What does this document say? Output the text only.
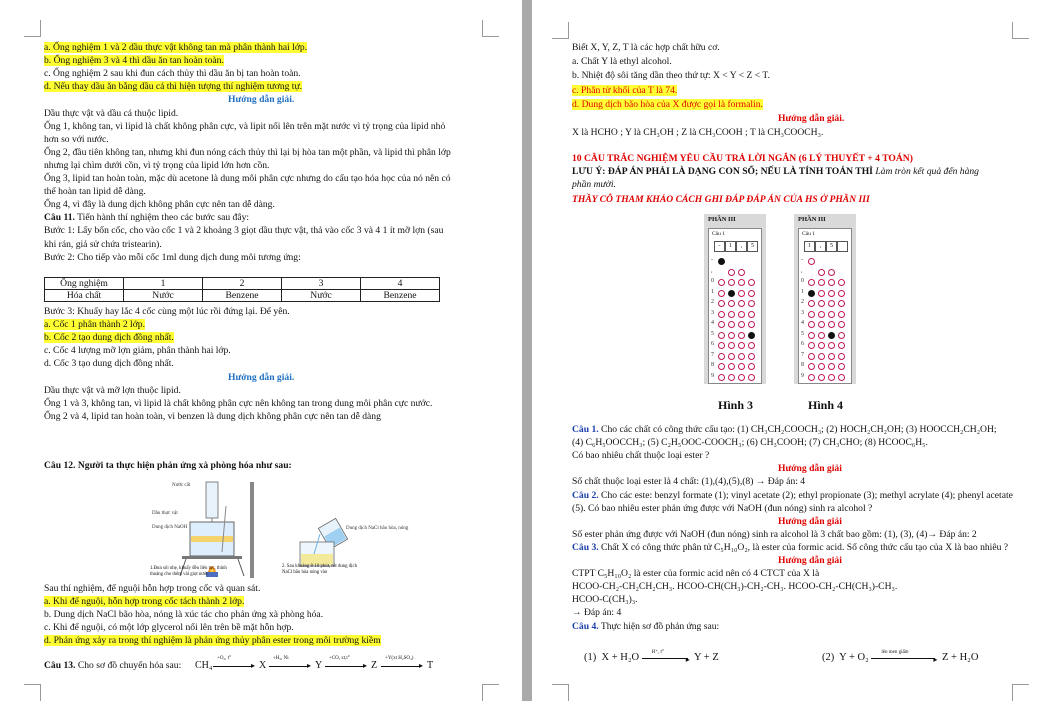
a. Ống nghiệm 1 và 2 dầu thực vật không tan mà phân thành hai lớp.
b. Ống nghiệm 3 và 4 thì dầu ăn tan hoàn toàn.
c. Ống nghiệm 2 sau khi đun cách thủy thì dầu ăn bị tan hoàn toàn.
d. Nếu thay dầu ăn bằng dầu cá thì hiện tượng thí nghiệm tương tự.
Hướng dẫn giải.
Dầu thực vật và dầu cá thuộc lipid.
Ống 1, không tan, vì lipid là chất không phân cực, và lipit nổi lên trên mặt nước vì tỷ trọng của lipid nhỏ
hơn so với nước.
Ống 2, đầu tiên không tan, nhưng khi đun nóng cách thủy thì lại bị hòa tan một phần, và lipid thì phân lớp
nhưng lại chìm dưới cồn, vì tỷ trọng của lipid lớn hơn cồn.
Ống 3, lipid tan hoàn toàn, mặc dù acetone là dung môi phân cực nhưng do cấu tạo hóa học của nó nên có
thể hoàn tan lipid dễ dàng.
Ống 4, vì đây là dung dịch không phân cực nên tan dễ dàng.
Câu 11. Tiến hành thí nghiệm theo các bước sau đây:
Bước 1: Lấy bốn cốc, cho vào cốc 1 và 2 khoảng 3 giọt dầu thực vật, thả vào cốc 3 và 4 1 ít mỡ lợn (sau
khi rán, giả sử chứa tristearin).
Bước 2: Cho tiếp vào mỗi cốc 1ml dung dịch dung môi tương ứng:
Ống nghiệm	1	2	3	4
Hóa chất	Nước	Benzene	Nước	Benzene
Bước 3: Khuấy hay lắc 4 cốc cùng một lúc rồi đứng lại. Để yên.
a. Cốc 1 phân thành 2 lớp.
b. Cốc 2 tạo dung dịch đồng nhất.
c. Cốc 4 lượng mỡ lợn giảm, phân thành hai lớp.
d. Cốc 3 tạo dung dịch đồng nhất.
Hướng dẫn giải.
Dầu thực vật và mỡ lợn thuộc lipid.
Ống 1 và 3, không tan, vì lipid là chất không phân cực nên không tan trong dung môi phân cực nước.
Ống 2 và 4, lipid tan hoàn toàn, vì benzen là dung dịch không phân cực nên tan dễ dàng
Câu 12. Người ta thực hiện phản ứng xà phòng hóa như sau:
Nước cất
Dầu thực vật
Dung dịch NaOH	Dung dịch NaCl bão hòa, nóng
1.Đun sôi nhẹ, khuấy đều liên tục, thỉnh thoảng cho thêm vài giọt nước
2. Sau khoảng 8-10 phút, rót dung dịch NaCl bão hòa nóng vào
Sau thí nghiệm, để nguội hỗn hợp trong cốc và quan sát.
a. Khi để nguội, hỗn hợp trong cốc tách thành 2 lớp.
b. Dung dịch NaCl bão hòa, nóng là xúc tác cho phản ứng xà phòng hóa.
c. Khi để nguội, có một lớp glycerol nổi lên trên bề mặt hỗn hợp.
d. Phản ứng xảy ra trong thí nghiệm là phản ứng thủy phân ester trong môi trường kiềm
Câu 13. Cho sơ đồ chuyển hóa sau: CH₄
+O₂, t°
▸ X
+H₂, Ni
▸ Y
+CO, xt,t°
▸ Z
+Y(xt H₂SO₄)
▸ T
Biết X, Y, Z, T là các hợp chất hữu cơ.
a. Chất Y là ethyl alcohol.
b. Nhiệt độ sôi tăng dần theo thứ tự: X < Y < Z < T.
c. Phân tử khối của T là 74.
d. Dung dịch bão hòa của X được gọi là formalin.
Hướng dẫn giải.
X là HCHO ; Y là CH₃OH ; Z là CH₃COOH ; T là CH₃COOCH₃.
10 CÂU TRẮC NGHIỆM YÊU CẦU TRẢ LỜI NGẮN (6 LÝ THUYẾT + 4 TOÁN)
LƯU Ý: ĐÁP ÁN PHẢI LÀ DẠNG CON SỐ; NẾU LÀ TÍNH TOÁN THÌ Làm tròn kết quả đến hàng
phần mười.
THẦY CÔ THAM KHẢO CÁCH GHI ĐÁP ĐÁP ÁN CỦA HS Ở PHẦN III
PHẦN III
Câu 1
-	1	,	5
-
,
0
1
2
3
4
5
6
7
8
9
Hình 3
PHẦN III
Câu 1
1	,	5
-
,
0
1
2
3
4
5
6
7
8
9
Hình 4
Câu 1. Cho các chất có công thức cấu tạo: (1) CH₃CH₂COOCH₃; (2) HOCH₂CH₂OH; (3) HOOCCH₂CH₂OH;
(4) C₆H₅OOCCH₃; (5) C₂H₅OOC-COOCH₃; (6) CH₃COOH; (7) CH₃CHO; (8) HCOOC₆H₅.
Có bao nhiêu chất thuộc loại ester ?
Hướng dẫn giải
Số chất thuộc loại ester là 4 chất: (1),(4),(5),(8) → Đáp án: 4
Câu 2. Cho các este: benzyl formate (1); vinyl acetate (2); ethyl propionate (3); methyl acrylate (4); phenyl acetate
(5). Có bao nhiêu ester phản ứng được với NaOH (đun nóng) sinh ra alcohol ?
Hướng dẫn giải
Số ester phản ứng được với NaOH (đun nóng) sinh ra alcohol là 3 chất bao gồm: (1), (3), (4)→ Đáp án: 2
Câu 3. Chất X có công thức phân tử C₅H₁₀O₂, là ester của formic acid. Số công thức cấu tạo của X là bao nhiêu ?
Hướng dẫn giải
CTPT C₅H₁₀O₂ là ester của formic acid nên có 4 CTCT của X là
HCOO-CH₂-CH₂CH₂CH₃. HCOO-CH(CH₃)-CH₂-CH₃. HCOO-CH₂-CH(CH₃)-CH₃.
HCOO-C(CH₃)₃.
→ Đáp án: 4
Câu 4. Thực hiện sơ đồ phản ứng sau:
(1) X + H₂O	H⁺, t°
▸ Y + Z	(2) Y + O₂	lên men giấm
▸ Z + H₂O
